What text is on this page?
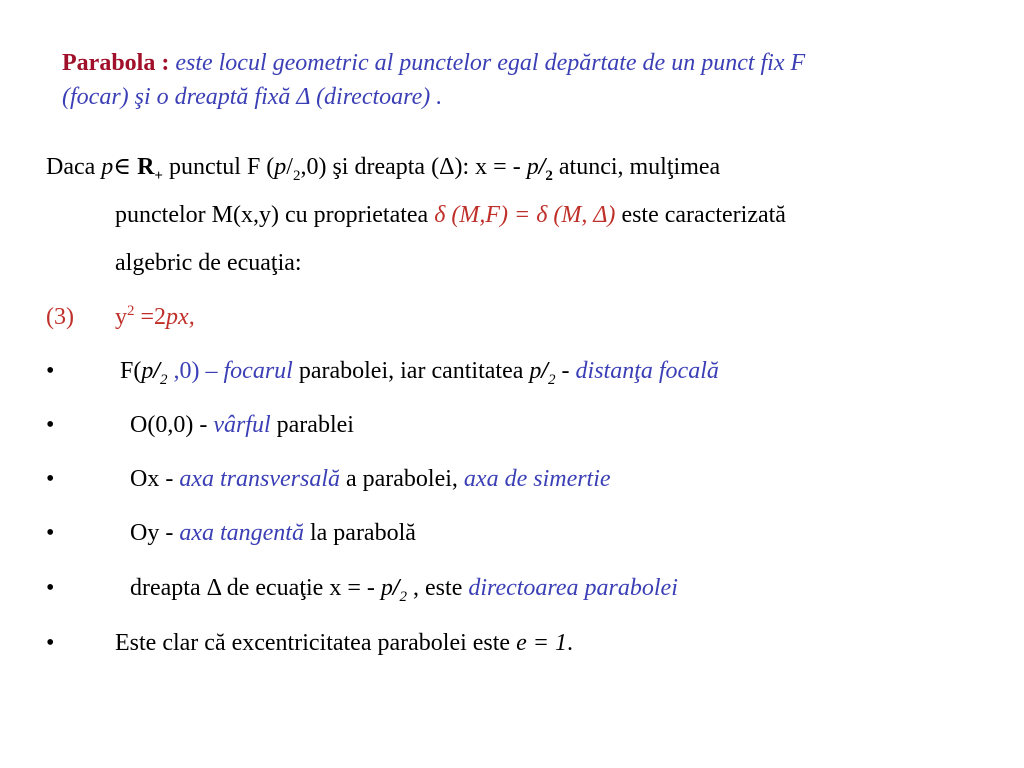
Parabola : este locul geometric al punctelor egal depărtate de un punct fix F
(focar) şi o dreaptă fixă Δ (directoare) .
Daca p∈ $R_+$ punctul F $(p/_2,0)$ şi dreapta (Δ): x = - $p/_2$ atunci, mulţimea
punctelor M(x,y) cu proprietatea δ (M,F) = δ (M, Δ) este caracterizată
algebric de ecuaţia:
(3) $y^2 =2px$,
•	$F(p/_2$ ,0) – focarul parabolei, iar cantitatea $p/_2$ - distanţa focală
•	O(0,0) - vârful parablei
•	Ox - axa transversală a parabolei, axa de simertie
•	Oy - axa tangentă la parabolă
•	dreapta Δ de ecuaţie x = - $p/_2$ , este directoarea parabolei
•	Este clar că excentricitatea parabolei este e = 1.
